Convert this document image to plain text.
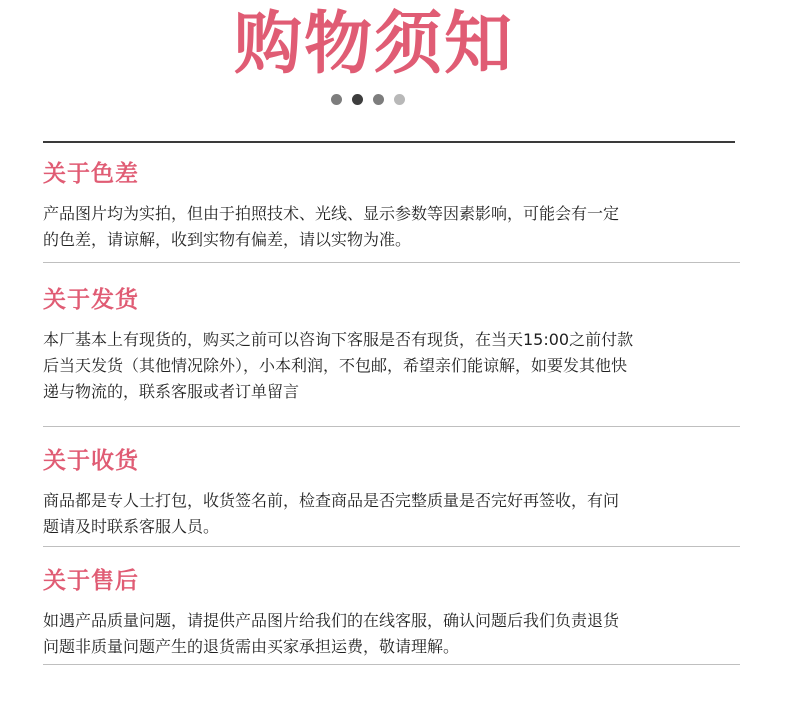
购物须知
关于色差
产品图片均为实拍，但由于拍照技术、光线、显示参数等因素影响，可能会有一定
的色差，请谅解，收到实物有偏差，请以实物为准。
关于发货
本厂基本上有现货的，购买之前可以咨询下客服是否有现货，在当天15:00之前付款
后当天发货（其他情况除外），小本利润，不包邮，希望亲们能谅解，如要发其他快
递与物流的，联系客服或者订单留言
关于收货
商品都是专人士打包，收货签名前，检查商品是否完整质量是否完好再签收，有问
题请及时联系客服人员。
关于售后
如遇产品质量问题，请提供产品图片给我们的在线客服，确认问题后我们负责退货
问题非质量问题产生的退货需由买家承担运费，敬请理解。
